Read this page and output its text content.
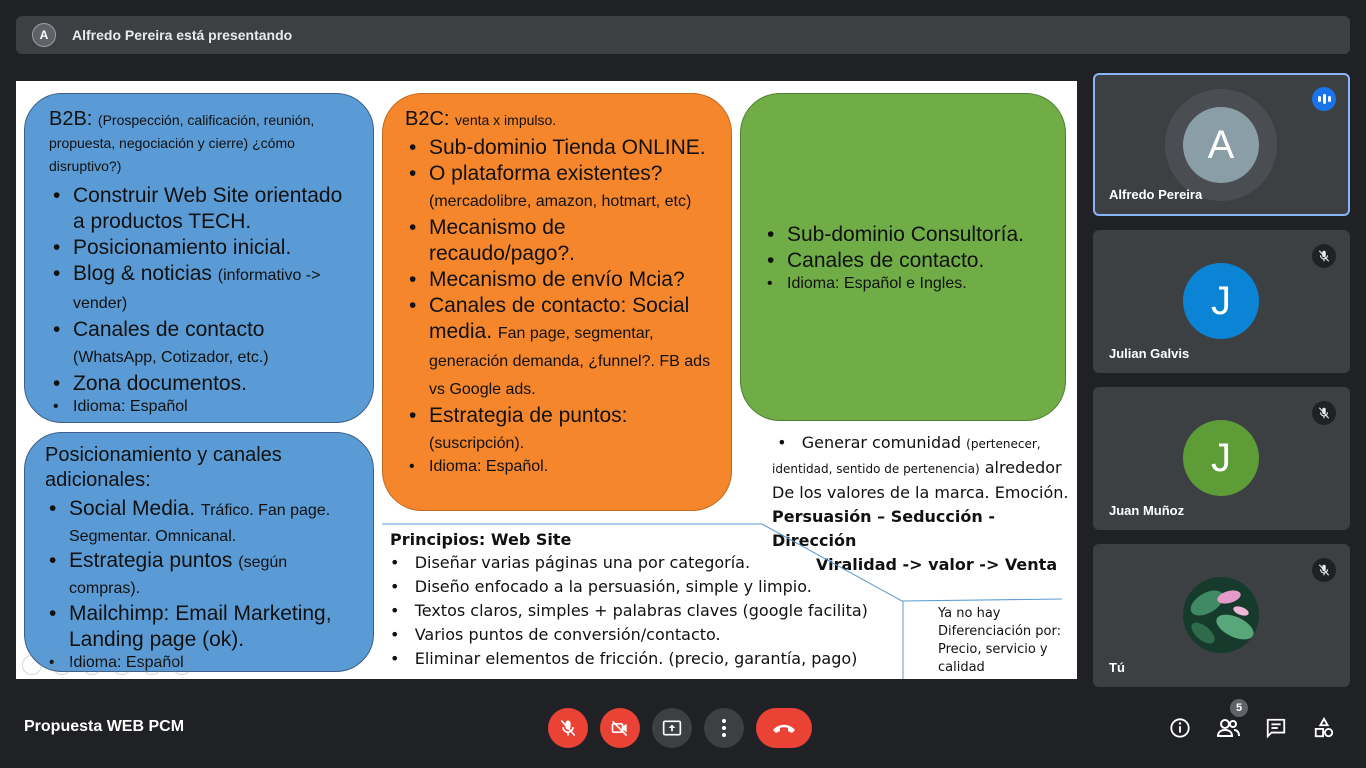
A	Alfredo Pereira está presentando
B2B: (Prospección, calificación, reunión, propuesta, negociación y cierre) ¿cómo disruptivo?)
• Construir Web Site orientado a productos TECH.
• Posicionamiento inicial.
• Blog & noticias (informativo -> vender)
• Canales de contacto
(WhatsApp, Cotizador, etc.)
• Zona documentos.
• Idioma: Español
Posicionamiento y canales adicionales:
• Social Media. Tráfico. Fan page. Segmentar. Omnicanal.
• Estrategia puntos (según compras).
• Mailchimp: Email Marketing, Landing page (ok).
• Idioma: Español
B2C: venta x impulso.
• Sub-dominio Tienda ONLINE.
• O plataforma existentes?
(mercadolibre, amazon, hotmart, etc)
• Mecanismo de recaudo/pago?.
• Mecanismo de envío Mcia?
• Canales de contacto: Social media. Fan page, segmentar, generación demanda, ¿funnel?. FB ads vs Google ads.
• Estrategia de puntos:
(suscripción).
• Idioma: Español.
• Sub-dominio Consultoría.
• Canales de contacto.
• Idioma: Español e Ingles.
•   Generar comunidad (pertenecer, identidad, sentido de pertenencia) alrededor
De los valores de la marca. Emoción.
Persuasión – Seducción - Dirección
Viralidad -> valor -> Venta
Principios: Web Site
•   Diseñar varias páginas una por categoría.
•   Diseño enfocado a la persuasión, simple y limpio.
•   Textos claros, simples + palabras claves (google facilita)
•   Varios puntos de conversión/contacto.
•   Eliminar elementos de fricción. (precio, garantía, pago)
Ya no hay Diferenciación por: Precio, servicio y calidad
A
Alfredo Pereira
J
Julian Galvis
J
Juan Muñoz
Tú
Propuesta WEB PCM
5
